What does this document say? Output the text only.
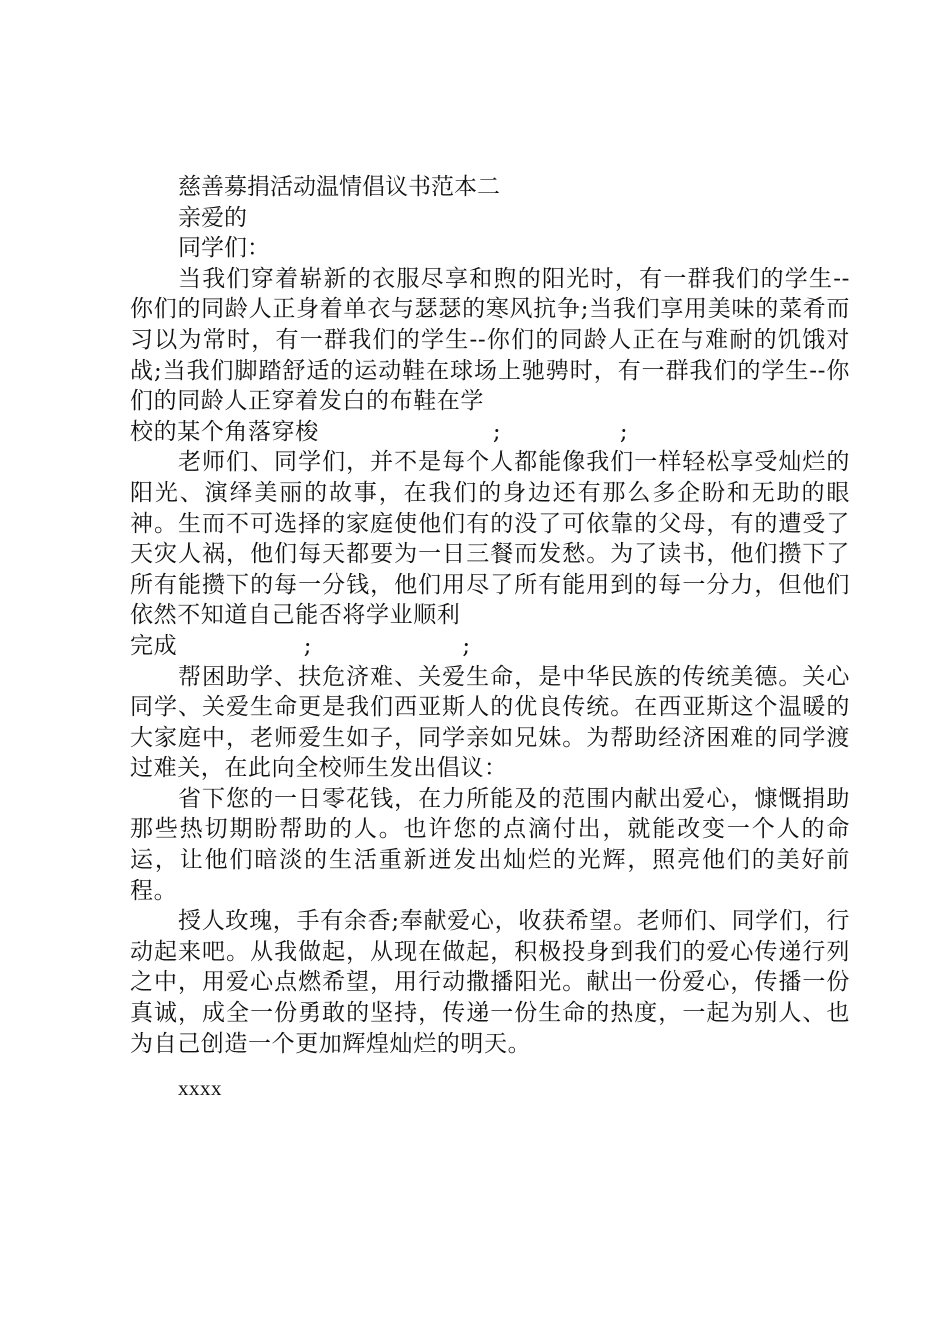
慈善募捐活动温情倡议书范本二

亲爱的

同学们：

当我们穿着崭新的衣服尽享和煦的阳光时，有一群我们的学生--你们的同龄人正身着单衣与瑟瑟的寒风抗争;当我们享用美味的菜肴而习以为常时，有一群我们的学生--你们的同龄人正在与难耐的饥饿对战;当我们脚踏舒适的运动鞋在球场上驰骋时，有一群我们的学生--你们的同龄人正穿着发白的布鞋在学
校的某个角落穿梭                      ;               ;

老师们、同学们，并不是每个人都能像我们一样轻松享受灿烂的阳光、演绎美丽的故事，在我们的身边还有那么多企盼和无助的眼神。生而不可选择的家庭使他们有的没了可依靠的父母，有的遭受了天灾人祸，他们每天都要为一日三餐而发愁。为了读书，他们攒下了所有能攒下的每一分钱，他们用尽了所有能用到的每一分力，但他们依然不知道自己能否将学业顺利
完成                ;                   ;

帮困助学、扶危济难、关爱生命，是中华民族的传统美德。关心同学、关爱生命更是我们西亚斯人的优良传统。在西亚斯这个温暖的大家庭中，老师爱生如子，同学亲如兄妹。为帮助经济困难的同学渡过难关，在此向全校师生发出倡议：

省下您的一日零花钱，在力所能及的范围内献出爱心，慷慨捐助那些热切期盼帮助的人。也许您的点滴付出，就能改变一个人的命运，让他们暗淡的生活重新迸发出灿烂的光辉，照亮他们的美好前程。

授人玫瑰，手有余香;奉献爱心，收获希望。老师们、同学们，行动起来吧。从我做起，从现在做起，积极投身到我们的爱心传递行列之中，用爱心点燃希望，用行动撒播阳光。献出一份爱心，传播一份真诚，成全一份勇敢的坚持，传递一份生命的热度，一起为别人、也为自己创造一个更加辉煌灿烂的明天。

xxxx
